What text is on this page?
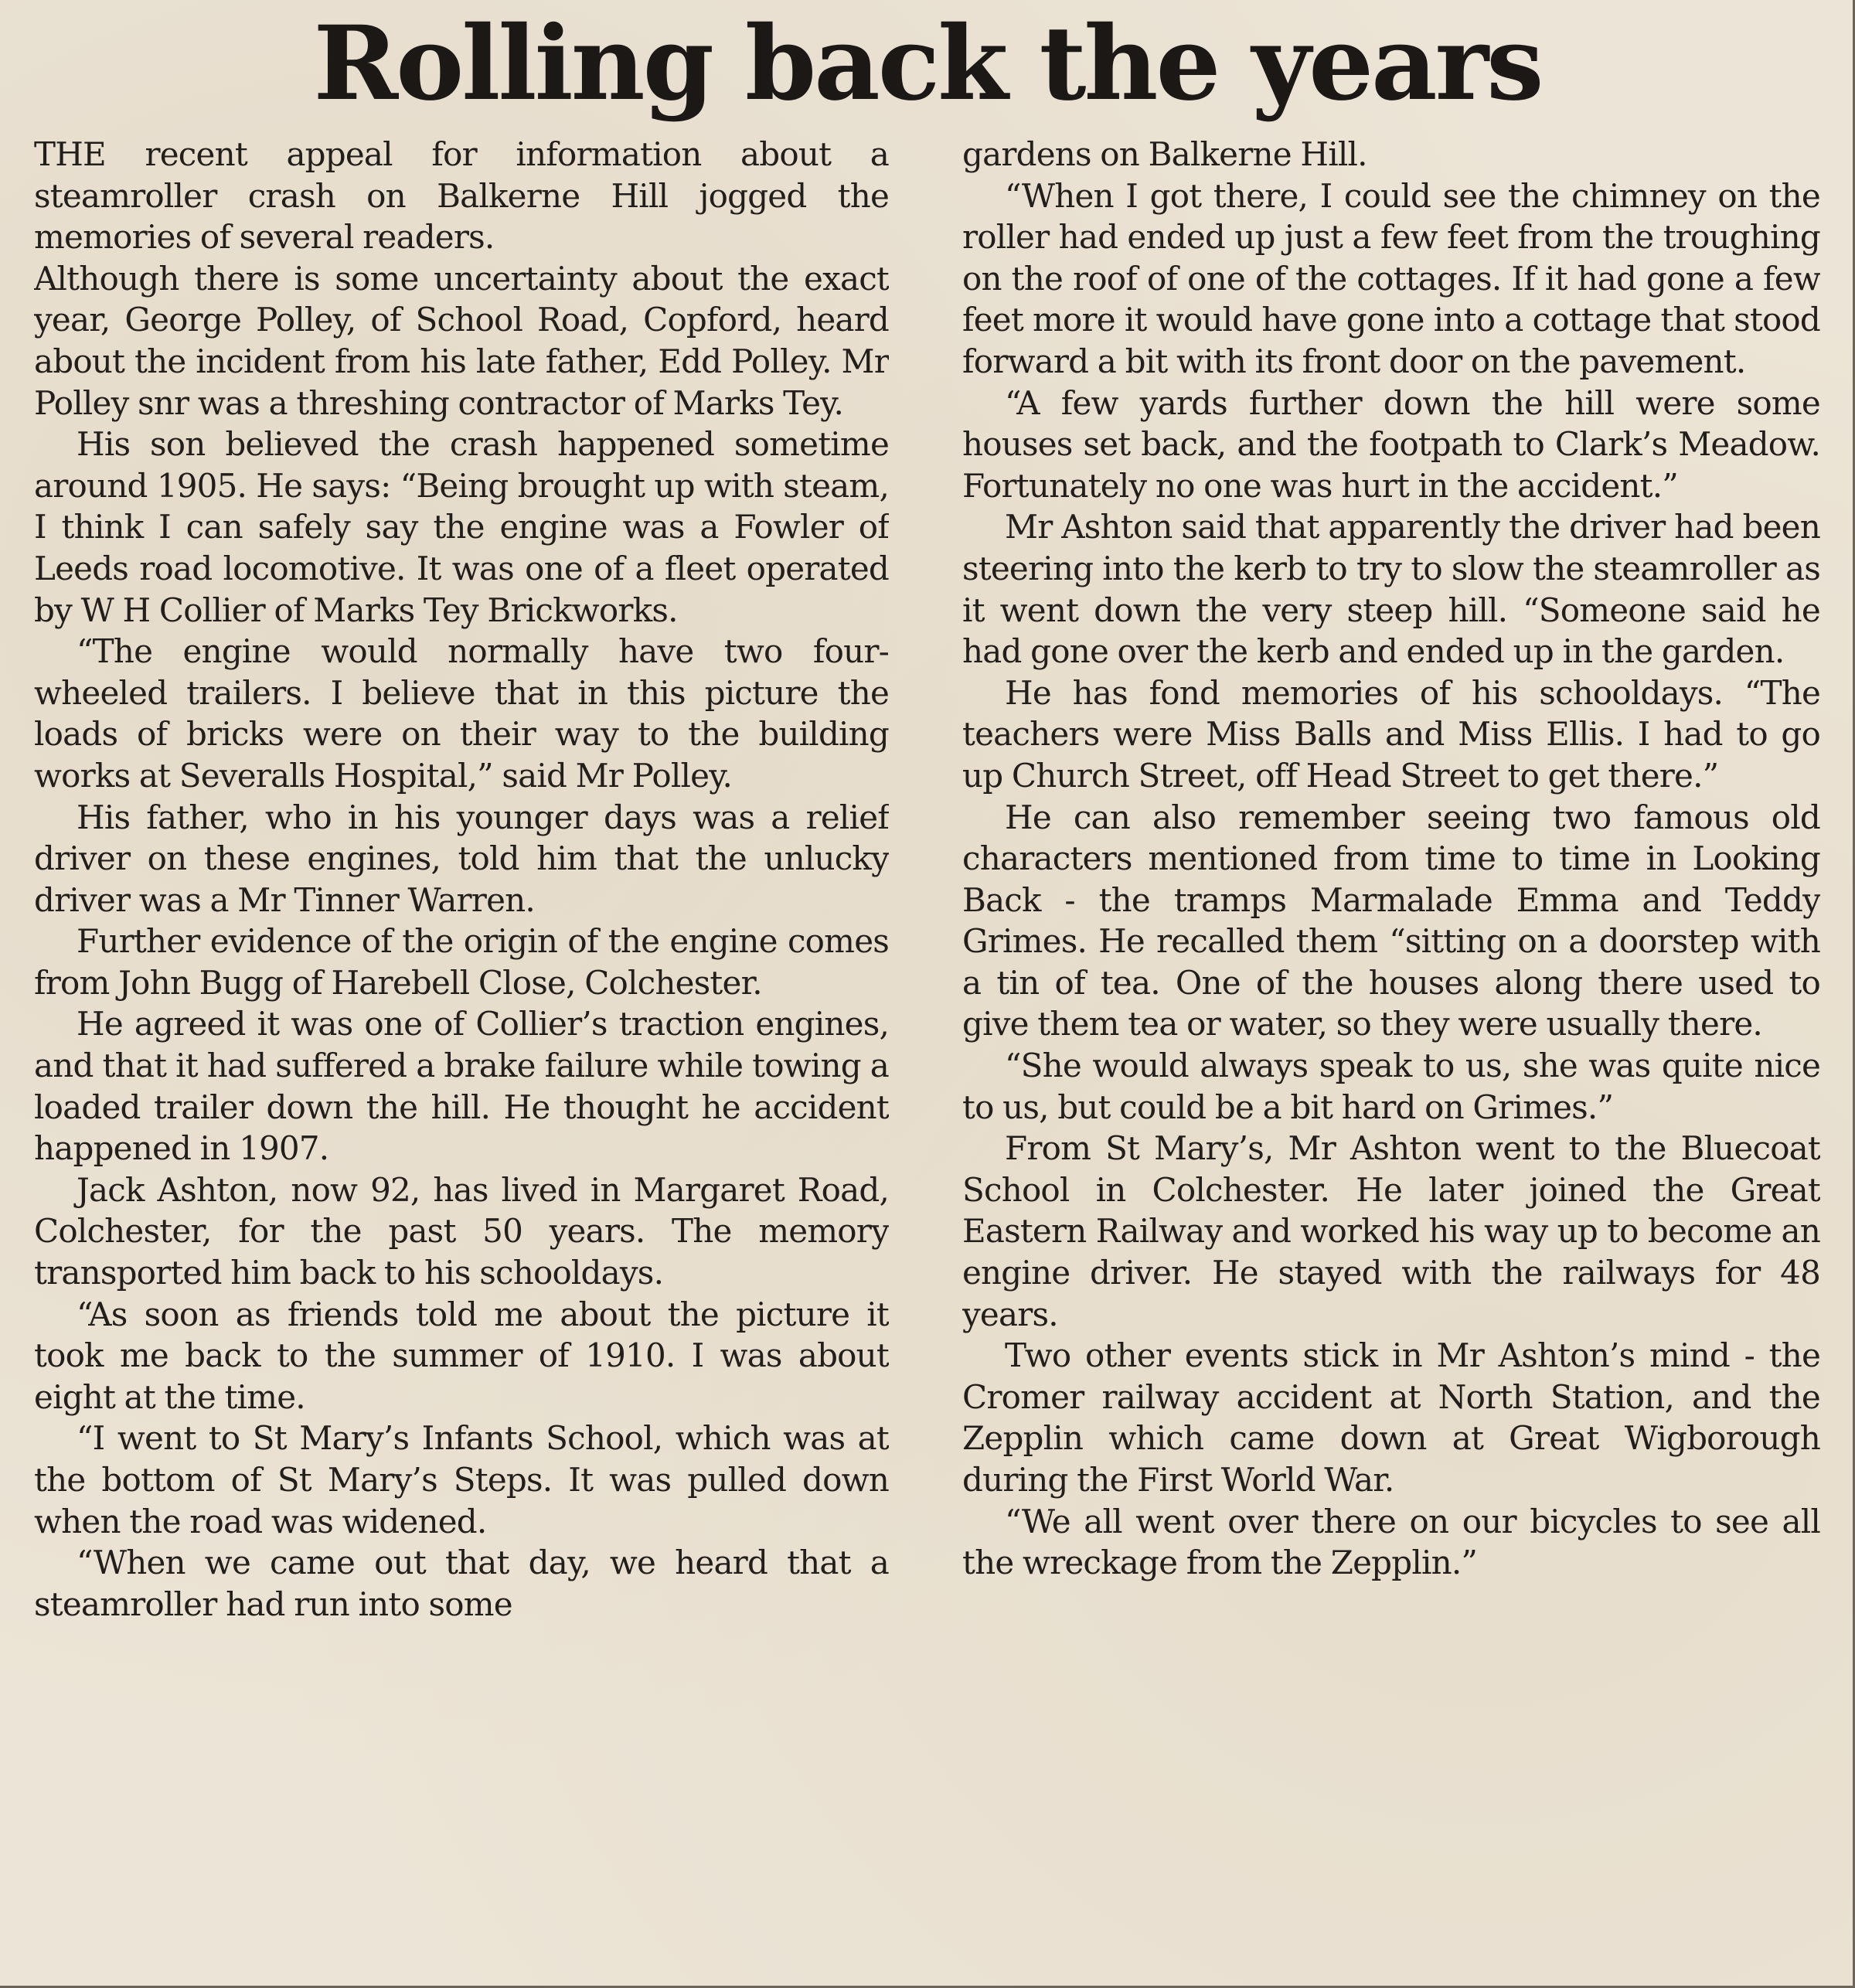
Rolling back the years

THE recent appeal for information about a steamroller crash on Balkerne Hill jogged the memories of several readers.

Although there is some uncertainty about the exact year, George Polley, of School Road, Copford, heard about the incident from his late father, Edd Polley. Mr Polley snr was a threshing contractor of Marks Tey.

His son believed the crash happened sometime around 1905. He says: “Being brought up with steam, I think I can safely say the engine was a Fowler of Leeds road locomotive. It was one of a fleet operated by W H Collier of Marks Tey Brickworks.

“The engine would normally have two four-wheeled trailers. I believe that in this picture the loads of bricks were on their way to the building works at Severalls Hospital,” said Mr Polley.

His father, who in his younger days was a relief driver on these engines, told him that the unlucky driver was a Mr Tinner Warren.

Further evidence of the origin of the engine comes from John Bugg of Harebell Close, Colchester.

He agreed it was one of Collier’s traction engines, and that it had suffered a brake failure while towing a loaded trailer down the hill. He thought he accident happened in 1907.

Jack Ashton, now 92, has lived in Margaret Road, Colchester, for the past 50 years. The memory transported him back to his schooldays.

“As soon as friends told me about the picture it took me back to the summer of 1910. I was about eight at the time.

“I went to St Mary’s Infants School, which was at the bottom of St Mary’s Steps. It was pulled down when the road was widened.

“When we came out that day, we heard that a steamroller had run into some

gardens on Balkerne Hill.

“When I got there, I could see the chimney on the roller had ended up just a few feet from the troughing on the roof of one of the cottages. If it had gone a few feet more it would have gone into a cottage that stood forward a bit with its front door on the pavement.

“A few yards further down the hill were some houses set back, and the footpath to Clark’s Meadow. Fortunately no one was hurt in the accident.”

Mr Ashton said that apparently the driver had been steering into the kerb to try to slow the steamroller as it went down the very steep hill. “Someone said he had gone over the kerb and ended up in the garden.

He has fond memories of his schooldays. “The teachers were Miss Balls and Miss Ellis. I had to go up Church Street, off Head Street to get there.”

He can also remember seeing two famous old characters mentioned from time to time in Looking Back - the tramps Marmalade Emma and Teddy Grimes. He recalled them “sitting on a doorstep with a tin of tea. One of the houses along there used to give them tea or water, so they were usually there.

“She would always speak to us, she was quite nice to us, but could be a bit hard on Grimes.”

From St Mary’s, Mr Ashton went to the Bluecoat School in Colchester. He later joined the Great Eastern Railway and worked his way up to become an engine driver. He stayed with the railways for 48 years.

Two other events stick in Mr Ashton’s mind - the Cromer railway accident at North Station, and the Zepplin which came down at Great Wigborough during the First World War.

“We all went over there on our bicycles to see all the wreckage from the Zepplin.”
